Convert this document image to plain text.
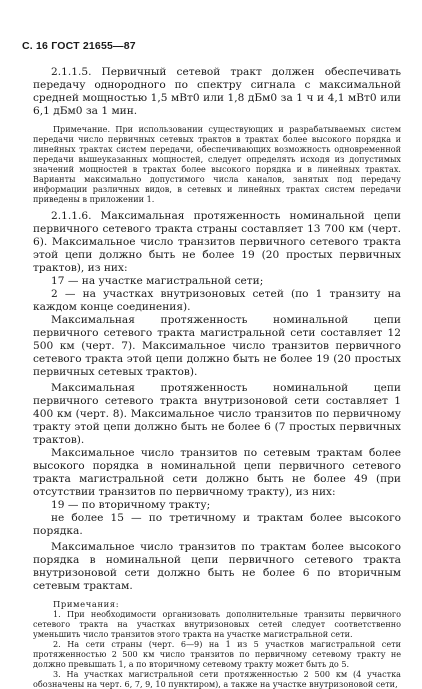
С. 16 ГОСТ 21655—87

2.1.1.5. Первичный сетевой тракт должен обеспечивать передачу однородного по спектру сигнала с максимальной средней мощностью 1,5 мВт0 или 1,8 дБм0 за 1 ч и 4,1 мВт0 или 6,1 дБм0 за 1 мин.

Примечание. При использовании существующих и разрабатываемых систем передачи число первичных сетевых трактов в трактах более высокого порядка и линейных трактах систем передачи, обеспечивающих возможность одновременной передачи вышеуказанных мощностей, следует определять исходя из допустимых значений мощностей в трактах более высокого порядка и в линейных трактах. Варианты максимально допустимого числа каналов, занятых под передачу информации различных видов, в сетевых и линейных трактах систем передачи приведены в приложении 1.

2.1.1.6. Максимальная протяженность номинальной цепи первичного сетевого тракта страны составляет 13 700 км (черт. 6). Максимальное число транзитов первичного сетевого тракта этой цепи должно быть не более 19 (20 простых первичных трактов), из них:

17 — на участке магистральной сети;

2 — на участках внутризоновых сетей (по 1 транзиту на каждом конце соединения).

Максимальная протяженность номинальной цепи первичного сетевого тракта магистральной сети составляет 12 500 км (черт. 7). Максимальное число транзитов первичного сетевого тракта этой цепи должно быть не более 19 (20 простых первичных сетевых трактов).

Максимальная протяженность номинальной цепи первичного сетевого тракта внутризоновой сети составляет 1 400 км (черт. 8). Максимальное число транзитов по первичному тракту этой цепи должно быть не более 6 (7 простых первичных трактов).

Максимальное число транзитов по сетевым трактам более высокого порядка в номинальной цепи первичного сетевого тракта магистральной сети должно быть не более 49 (при отсутствии транзитов по первичному тракту), из них:

19 — по вторичному тракту;

не более 15 — по третичному и трактам более высокого порядка.

Максимальное число транзитов по трактам более высокого порядка в номинальной цепи первичного сетевого тракта внутризоновой сети должно быть не более 6 по вторичным сетевым трактам.

Примечания:

1. При необходимости организовать дополнительные транзиты первичного сетевого тракта на участках внутризоновых сетей следует соответственно уменьшить число транзитов этого тракта на участке магистральной сети.

2. На сети страны (черт. 6—9) на 1 из 5 участков магистральной сети протяженностью 2 500 км число транзитов по первичному сетевому тракту не должно превышать 1, а по вторичному сетевому тракту может быть до 5.

3. На участках магистральной сети протяженностью 2 500 км (4 участка обозначены на черт. 6, 7, 9, 10 пунктиром), а также на участке внутризоновой сети,
